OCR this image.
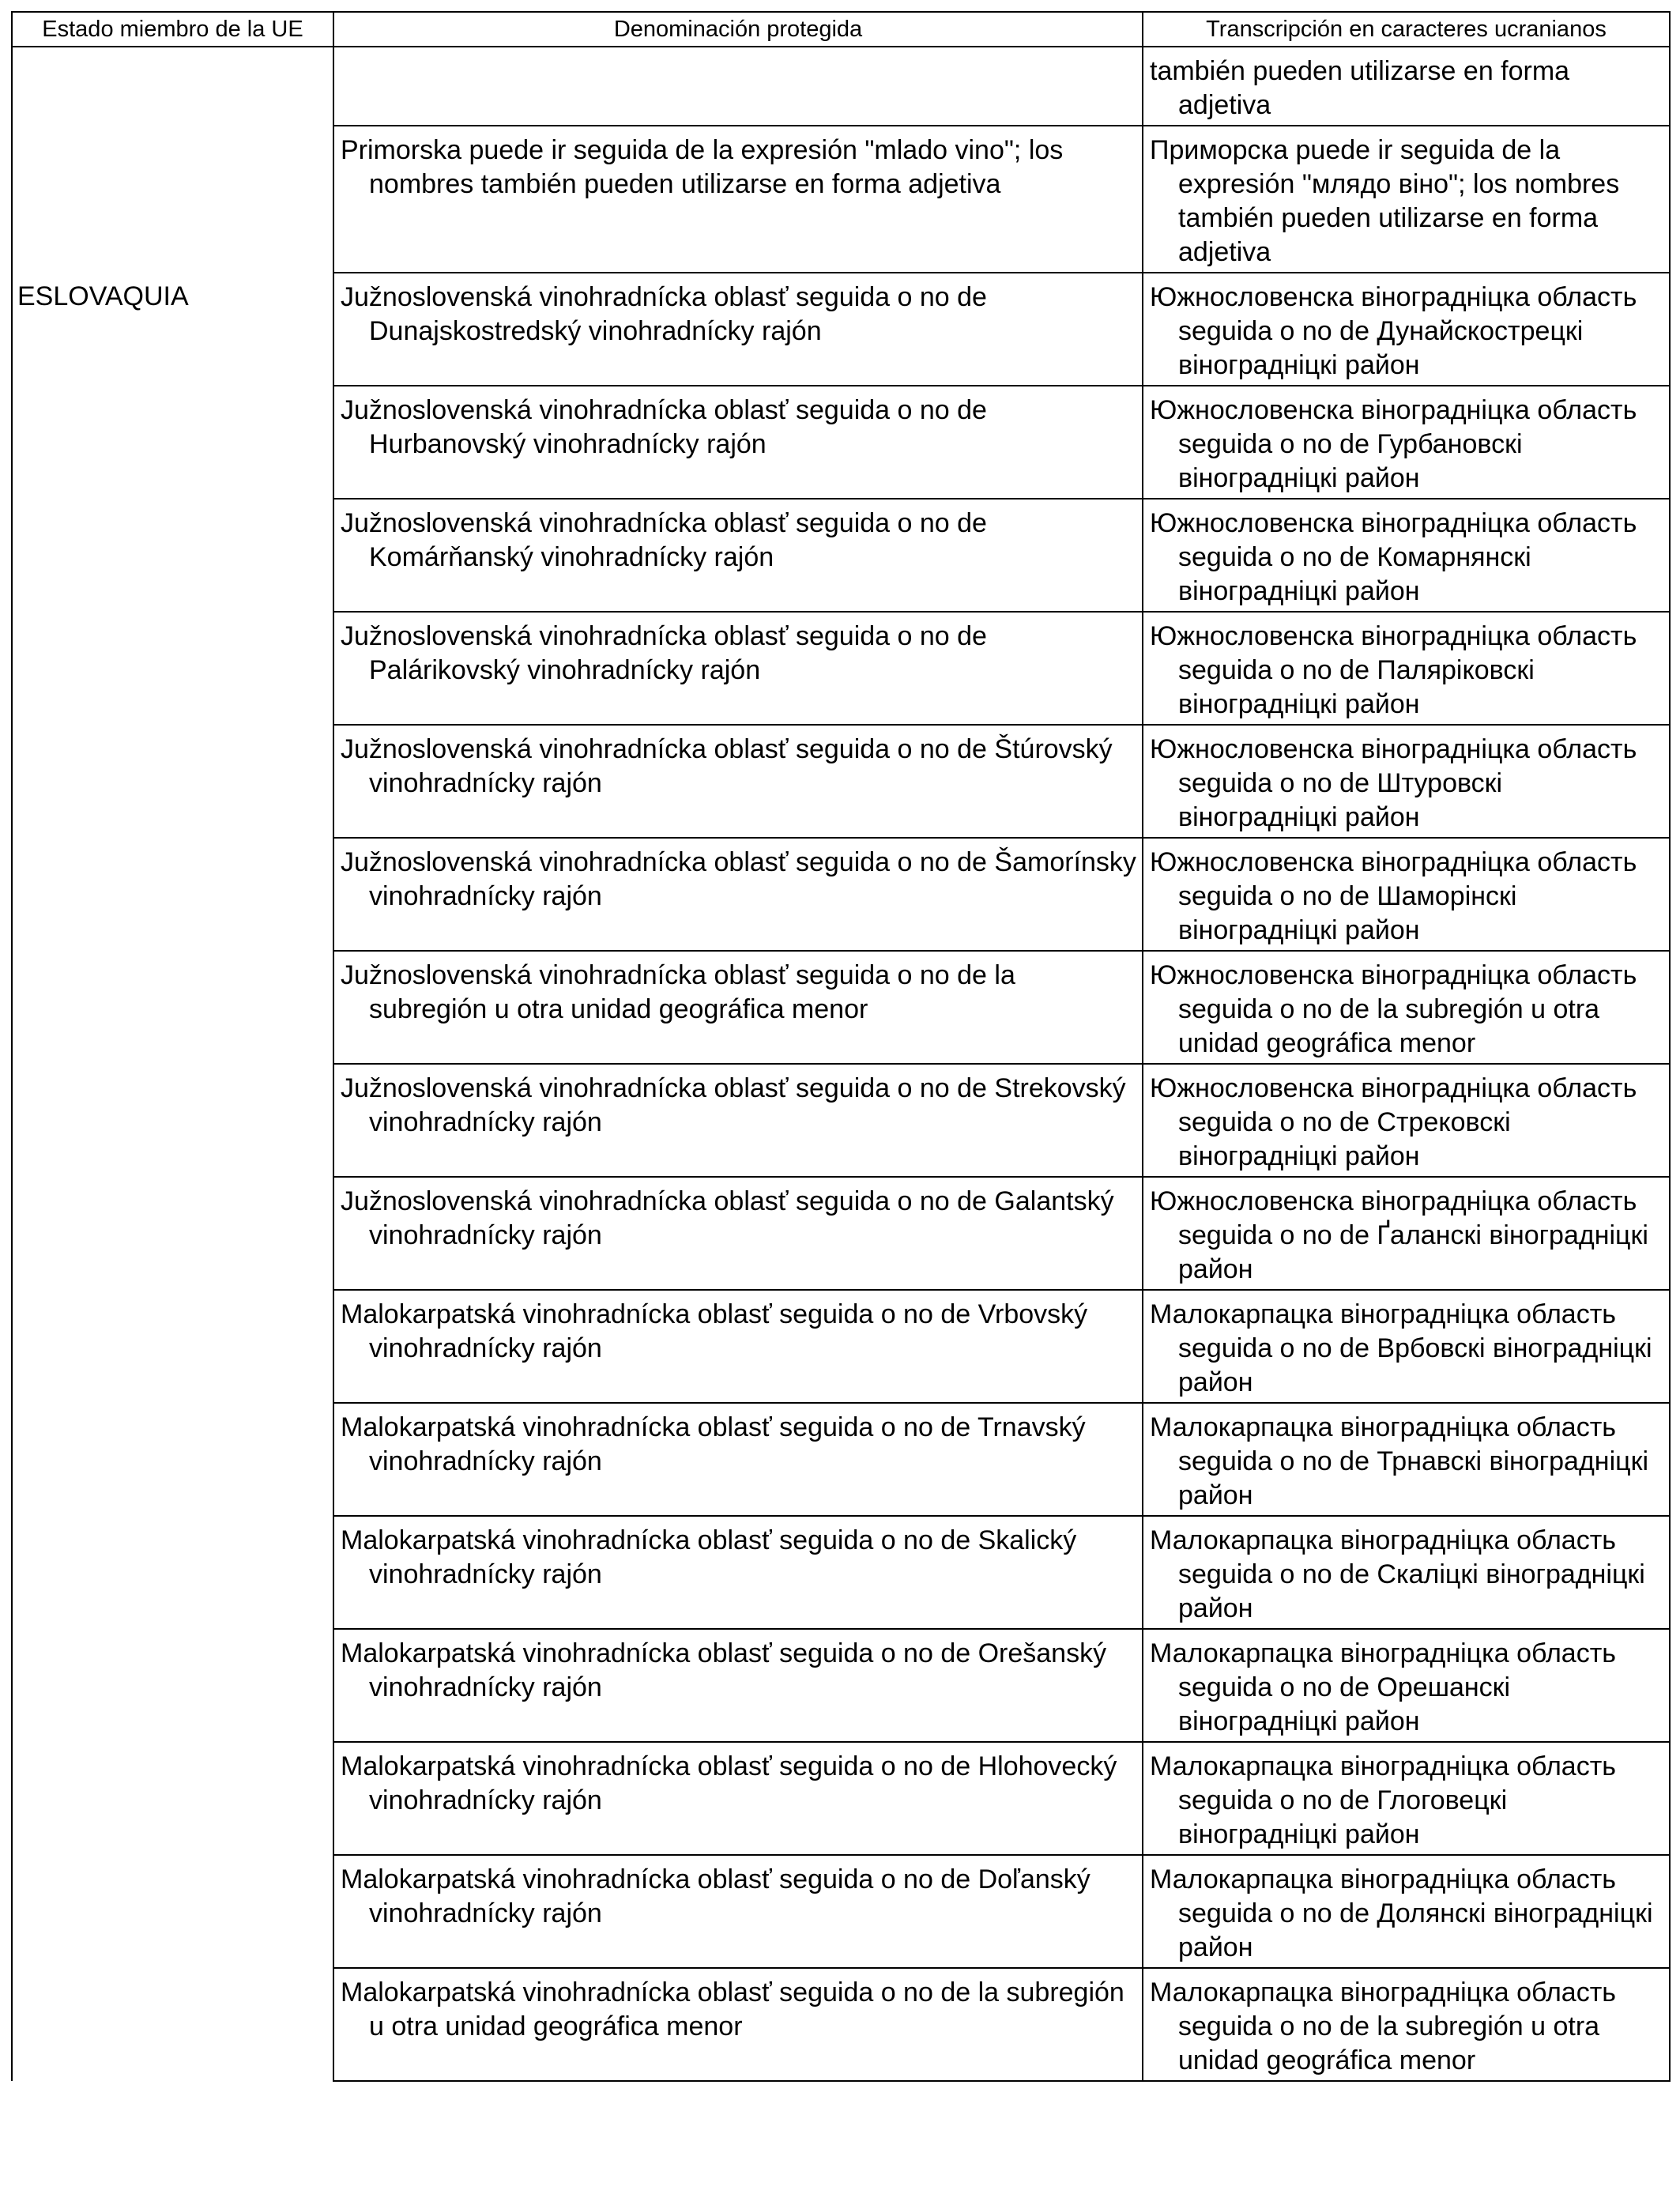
Estado miembro de la UE	Denominación protegida	Transcripción en caracteres ucranianos

		también pueden utilizarse en forma adjetiva

	Primorska puede ir seguida de la expresión "mlado vino"; los nombres también pueden utilizarse en forma adjetiva	Приморска puede ir seguida de la expresión "млядо віно"; los nombres también pueden utilizarse en forma adjetiva

ESLOVAQUIA	Južnoslovenská vinohradnícka oblasť seguida o no de Dunajskostredský vinohradnícky rajón	Южнословенска віноградніцка область seguida o no de Дунайскострецкі віноградніцкі район

	Južnoslovenská vinohradnícka oblasť seguida o no de Hurbanovský vinohradnícky rajón	Южнословенска віноградніцка область seguida o no de Гурбановскі віноградніцкі район

	Južnoslovenská vinohradnícka oblasť seguida o no de Komárňanský vinohradnícky rajón	Южнословенска віноградніцка область seguida o no de Комарнянскі віноградніцкі район

	Južnoslovenská vinohradnícka oblasť seguida o no de Palárikovský vinohradnícky rajón	Южнословенска віноградніцка область seguida o no de Паляріковскі віноградніцкі район

	Južnoslovenská vinohradnícka oblasť seguida o no de Štúrovský vinohradnícky rajón	Южнословенска віноградніцка область seguida o no de Штуровскі віноградніцкі район

	Južnoslovenská vinohradnícka oblasť seguida o no de Šamorínsky vinohradnícky rajón	Южнословенска віноградніцка область seguida o no de Шаморінскі віноградніцкі район

	Južnoslovenská vinohradnícka oblasť seguida o no de la subregión u otra unidad geográfica menor	Южнословенска віноградніцка область seguida o no de la subregión u otra unidad geográfica menor

	Južnoslovenská vinohradnícka oblasť seguida o no de Strekovský vinohradnícky rajón	Южнословенска віноградніцка область seguida o no de Стрековскі віноградніцкі район

	Južnoslovenská vinohradnícka oblasť seguida o no de Galantský vinohradnícky rajón	Южнословенска віноградніцка область seguida o no de Ґаланскі віноградніцкі район

	Malokarpatská vinohradnícka oblasť seguida o no de Vrbovský vinohradnícky rajón	Малокарпацка віноградніцка область seguida o no de Врбовскі віноградніцкі район

	Malokarpatská vinohradnícka oblasť seguida o no de Trnavský vinohradnícky rajón	Малокарпацка віноградніцка область seguida o no de Трнавскі віноградніцкі район

	Malokarpatská vinohradnícka oblasť seguida o no de Skalický vinohradnícky rajón	Малокарпацка віноградніцка область seguida o no de Скаліцкі віноградніцкі район

	Malokarpatská vinohradnícka oblasť seguida o no de Orešanský vinohradnícky rajón	Малокарпацка віноградніцка область seguida o no de Орешанскі віноградніцкі район

	Malokarpatská vinohradnícka oblasť seguida o no de Hlohovecký vinohradnícky rajón	Малокарпацка віноградніцка область seguida o no de Глоговецкі віноградніцкі район

	Malokarpatská vinohradnícka oblasť seguida o no de Doľanský vinohradnícky rajón	Малокарпацка віноградніцка область seguida o no de Долянскі віноградніцкі район

	Malokarpatská vinohradnícka oblasť seguida o no de la subregión u otra unidad geográfica menor	Малокарпацка віноградніцка область seguida o no de la subregión u otra unidad geográfica menor
